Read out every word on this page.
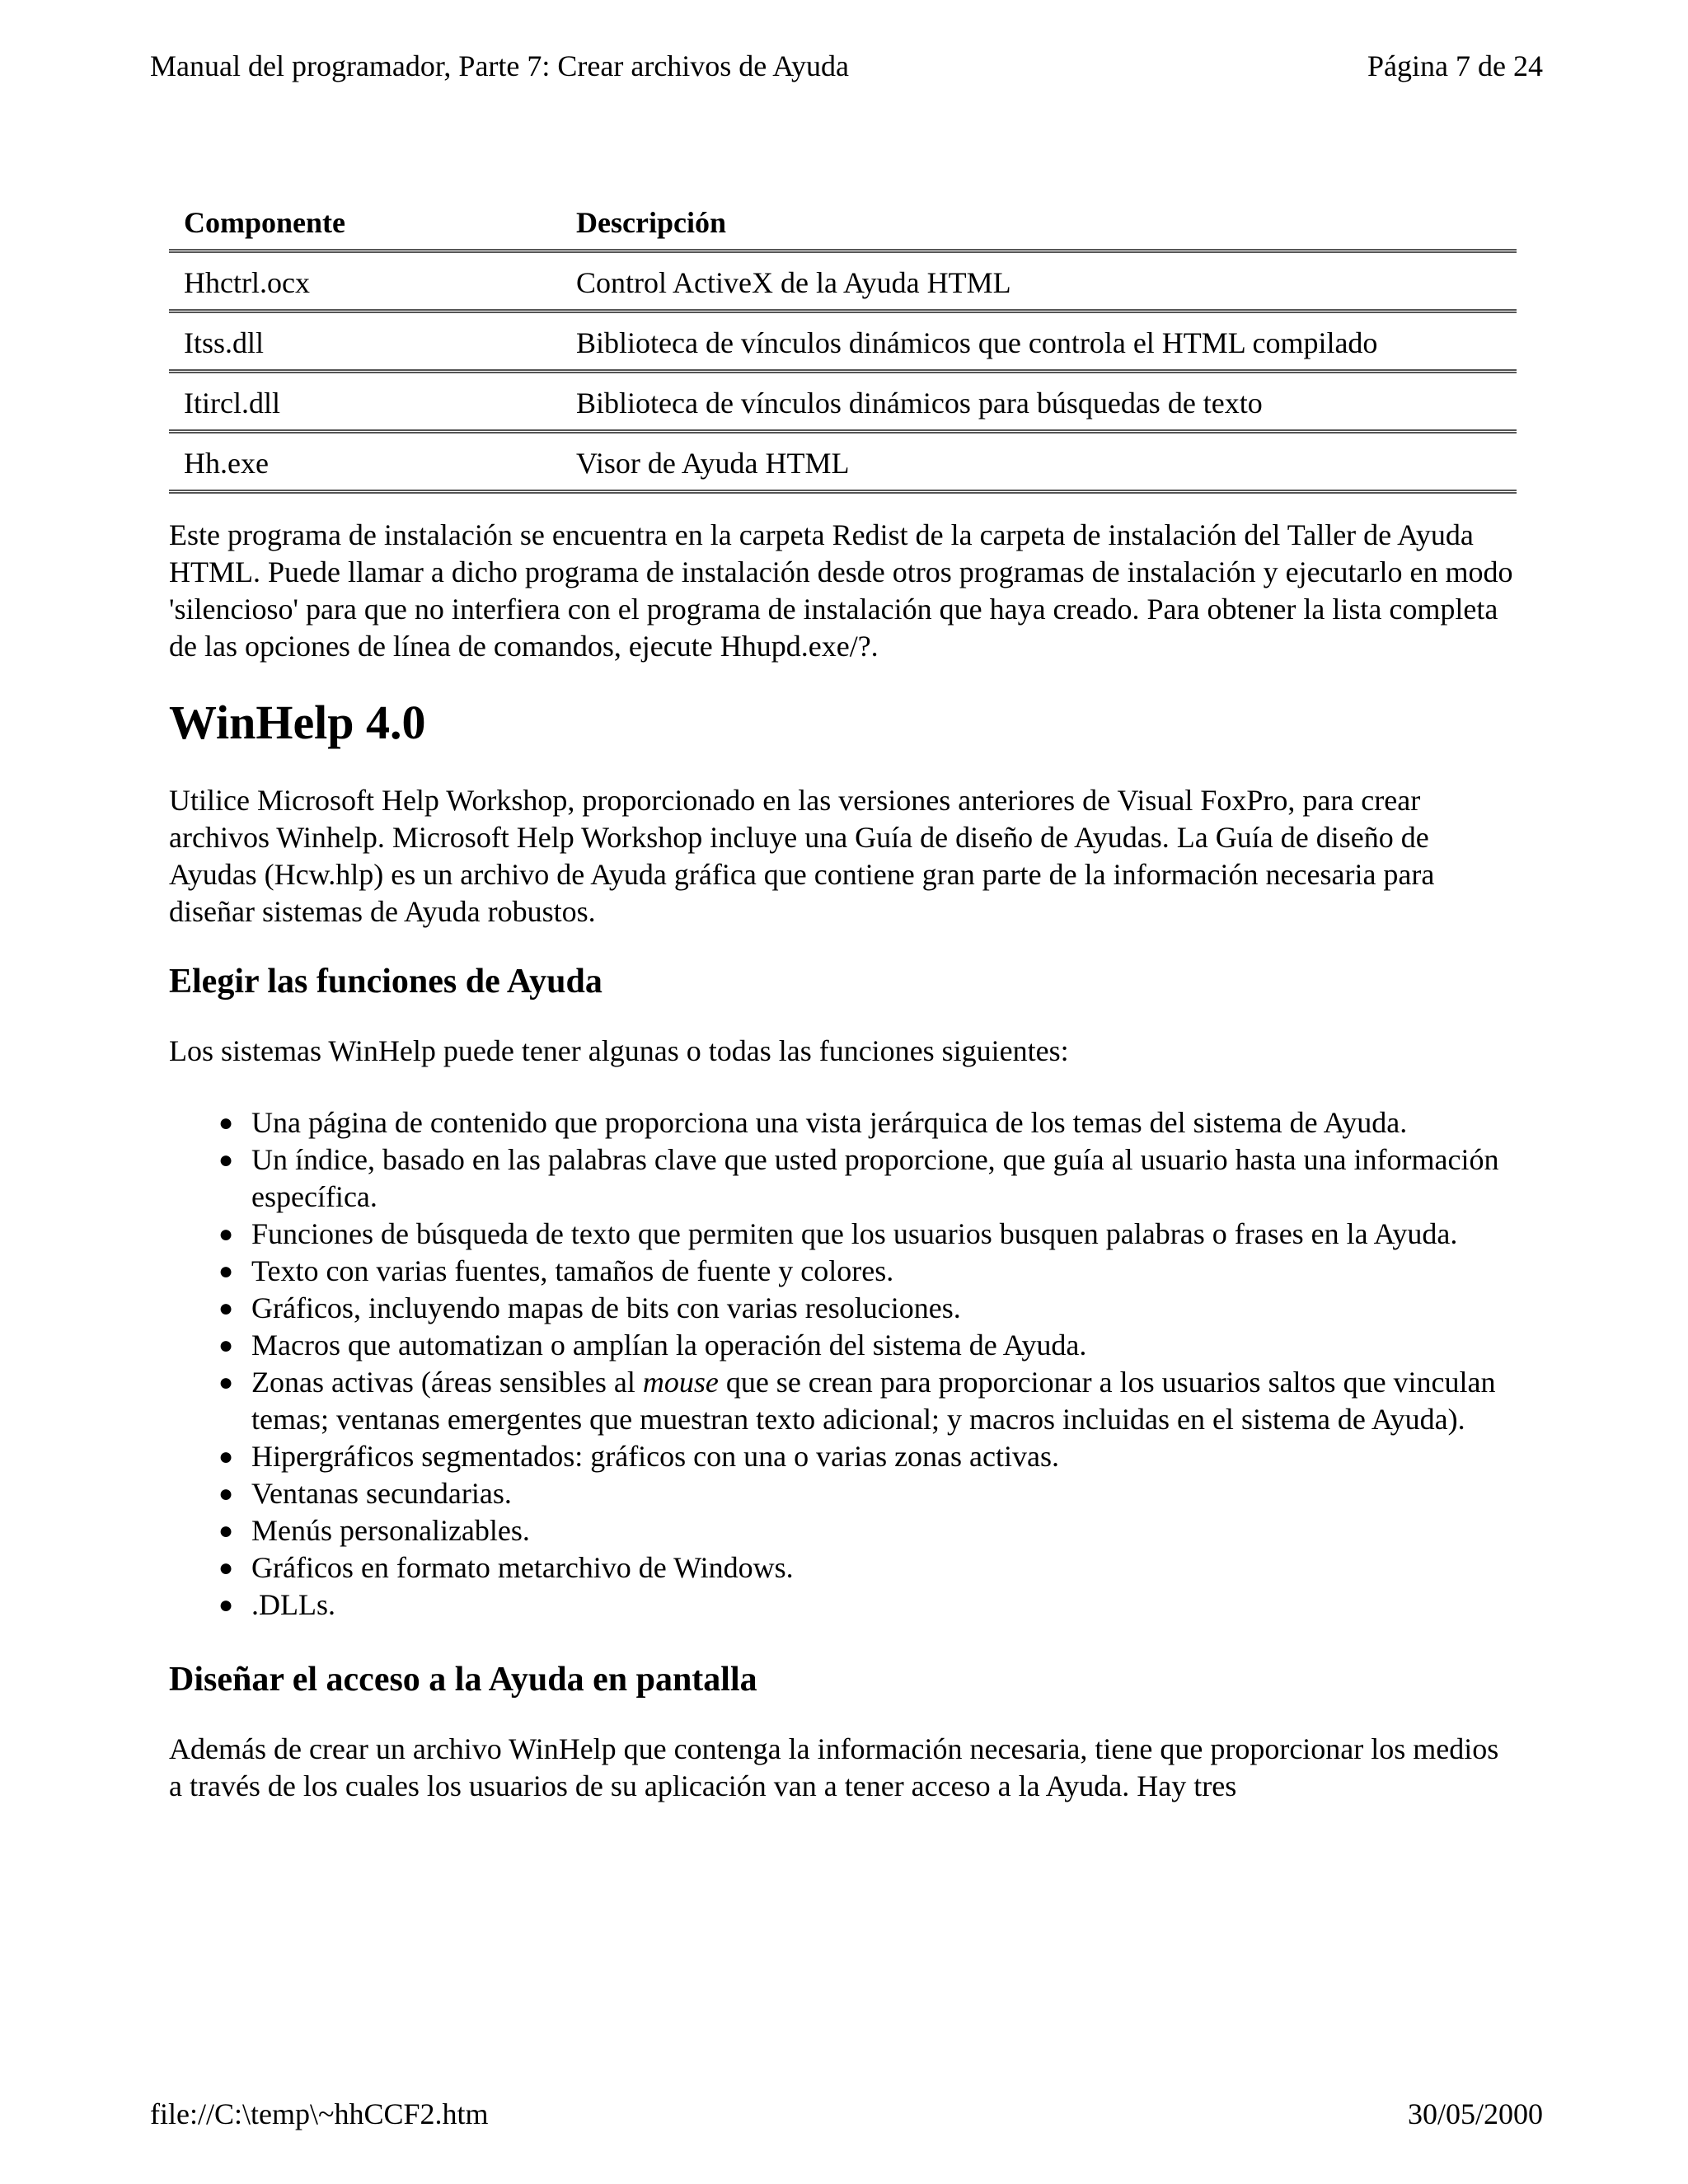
Manual del programador, Parte 7: Crear archivos de Ayuda	Página 7 de 24
Componente	Descripción
Hhctrl.ocx	Control ActiveX de la Ayuda HTML
Itss.dll	Biblioteca de vínculos dinámicos que controla el HTML compilado
Itircl.dll	Biblioteca de vínculos dinámicos para búsquedas de texto
Hh.exe	Visor de Ayuda HTML

Este programa de instalación se encuentra en la carpeta Redist de la carpeta de instalación del Taller de Ayuda HTML. Puede llamar a dicho programa de instalación desde otros programas de instalación y ejecutarlo en modo 'silencioso' para que no interfiera con el programa de instalación que haya creado. Para obtener la lista completa de las opciones de línea de comandos, ejecute Hhupd.exe/?.

WinHelp 4.0

Utilice Microsoft Help Workshop, proporcionado en las versiones anteriores de Visual FoxPro, para crear archivos Winhelp. Microsoft Help Workshop incluye una Guía de diseño de Ayudas. La Guía de diseño de Ayudas (Hcw.hlp) es un archivo de Ayuda gráfica que contiene gran parte de la información necesaria para diseñar sistemas de Ayuda robustos.

Elegir las funciones de Ayuda

Los sistemas WinHelp puede tener algunas o todas las funciones siguientes:

● Una página de contenido que proporciona una vista jerárquica de los temas del sistema de Ayuda.
● Un índice, basado en las palabras clave que usted proporcione, que guía al usuario hasta una información específica.
● Funciones de búsqueda de texto que permiten que los usuarios busquen palabras o frases en la Ayuda.
● Texto con varias fuentes, tamaños de fuente y colores.
● Gráficos, incluyendo mapas de bits con varias resoluciones.
● Macros que automatizan o amplían la operación del sistema de Ayuda.
● Zonas activas (áreas sensibles al mouse que se crean para proporcionar a los usuarios saltos que vinculan temas; ventanas emergentes que muestran texto adicional; y macros incluidas en el sistema de Ayuda).
● Hipergráficos segmentados: gráficos con una o varias zonas activas.
● Ventanas secundarias.
● Menús personalizables.
● Gráficos en formato metarchivo de Windows.
● .DLLs.
Diseñar el acceso a la Ayuda en pantalla

Además de crear un archivo WinHelp que contenga la información necesaria, tiene que proporcionar los medios a través de los cuales los usuarios de su aplicación van a tener acceso a la Ayuda. Hay tres

file://C:\temp\~hhCCF2.htm	30/05/2000
